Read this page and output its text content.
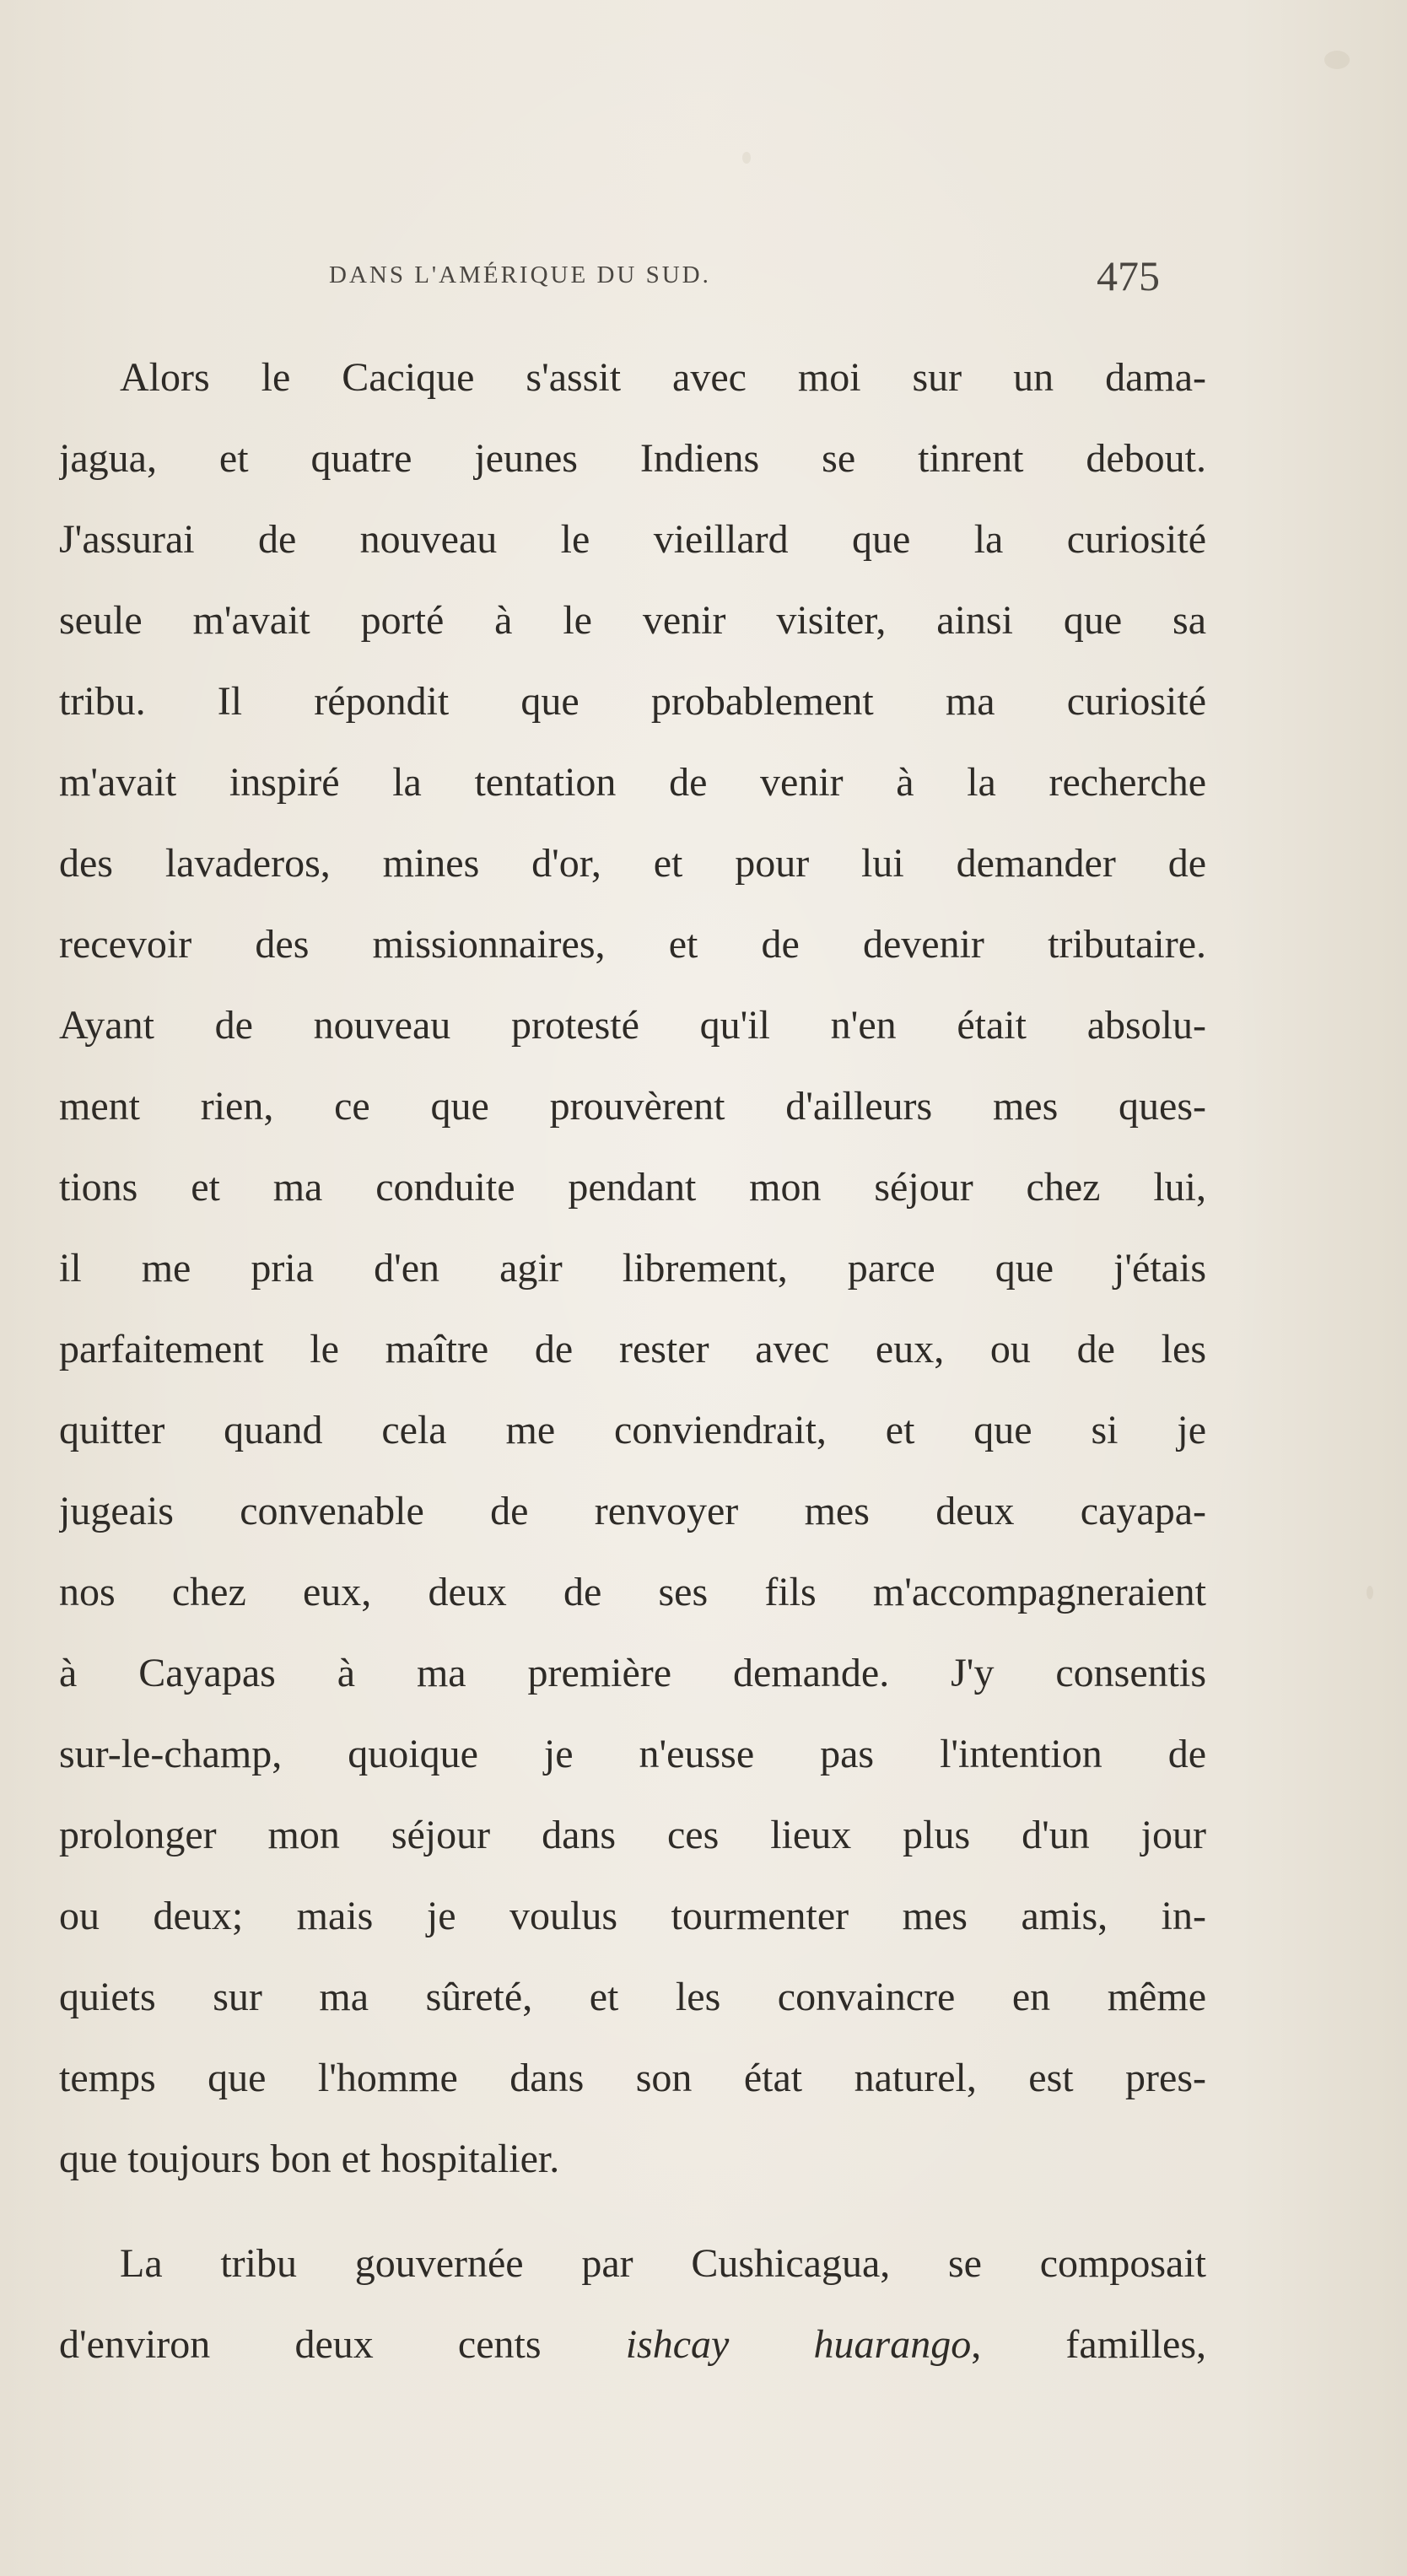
DANS L'AMÉRIQUE DU SUD.	475
Alors le Cacique s'assit avec moi sur un dama-
jagua, et quatre jeunes Indiens se tinrent debout.
J'assurai de nouveau le vieillard que la curiosité
seule m'avait porté à le venir visiter, ainsi que sa
tribu. Il répondit que probablement ma curiosité
m'avait inspiré la tentation de venir à la recherche
des lavaderos, mines d'or, et pour lui demander de
recevoir des missionnaires, et de devenir tributaire.
Ayant de nouveau protesté qu'il n'en était absolu-
ment rien, ce que prouvèrent d'ailleurs mes ques-
tions et ma conduite pendant mon séjour chez lui,
il me pria d'en agir librement, parce que j'étais
parfaitement le maître de rester avec eux, ou de les
quitter quand cela me conviendrait, et que si je
jugeais convenable de renvoyer mes deux cayapa-
nos chez eux, deux de ses fils m'accompagneraient
à Cayapas à ma première demande. J'y consentis
sur-le-champ, quoique je n'eusse pas l'intention de
prolonger mon séjour dans ces lieux plus d'un jour
ou deux; mais je voulus tourmenter mes amis, in-
quiets sur ma sûreté, et les convaincre en même
temps que l'homme dans son état naturel, est pres-
que toujours bon et hospitalier.
La tribu gouvernée par Cushicagua, se composait
d'environ deux cents ishcay huarango, familles,
